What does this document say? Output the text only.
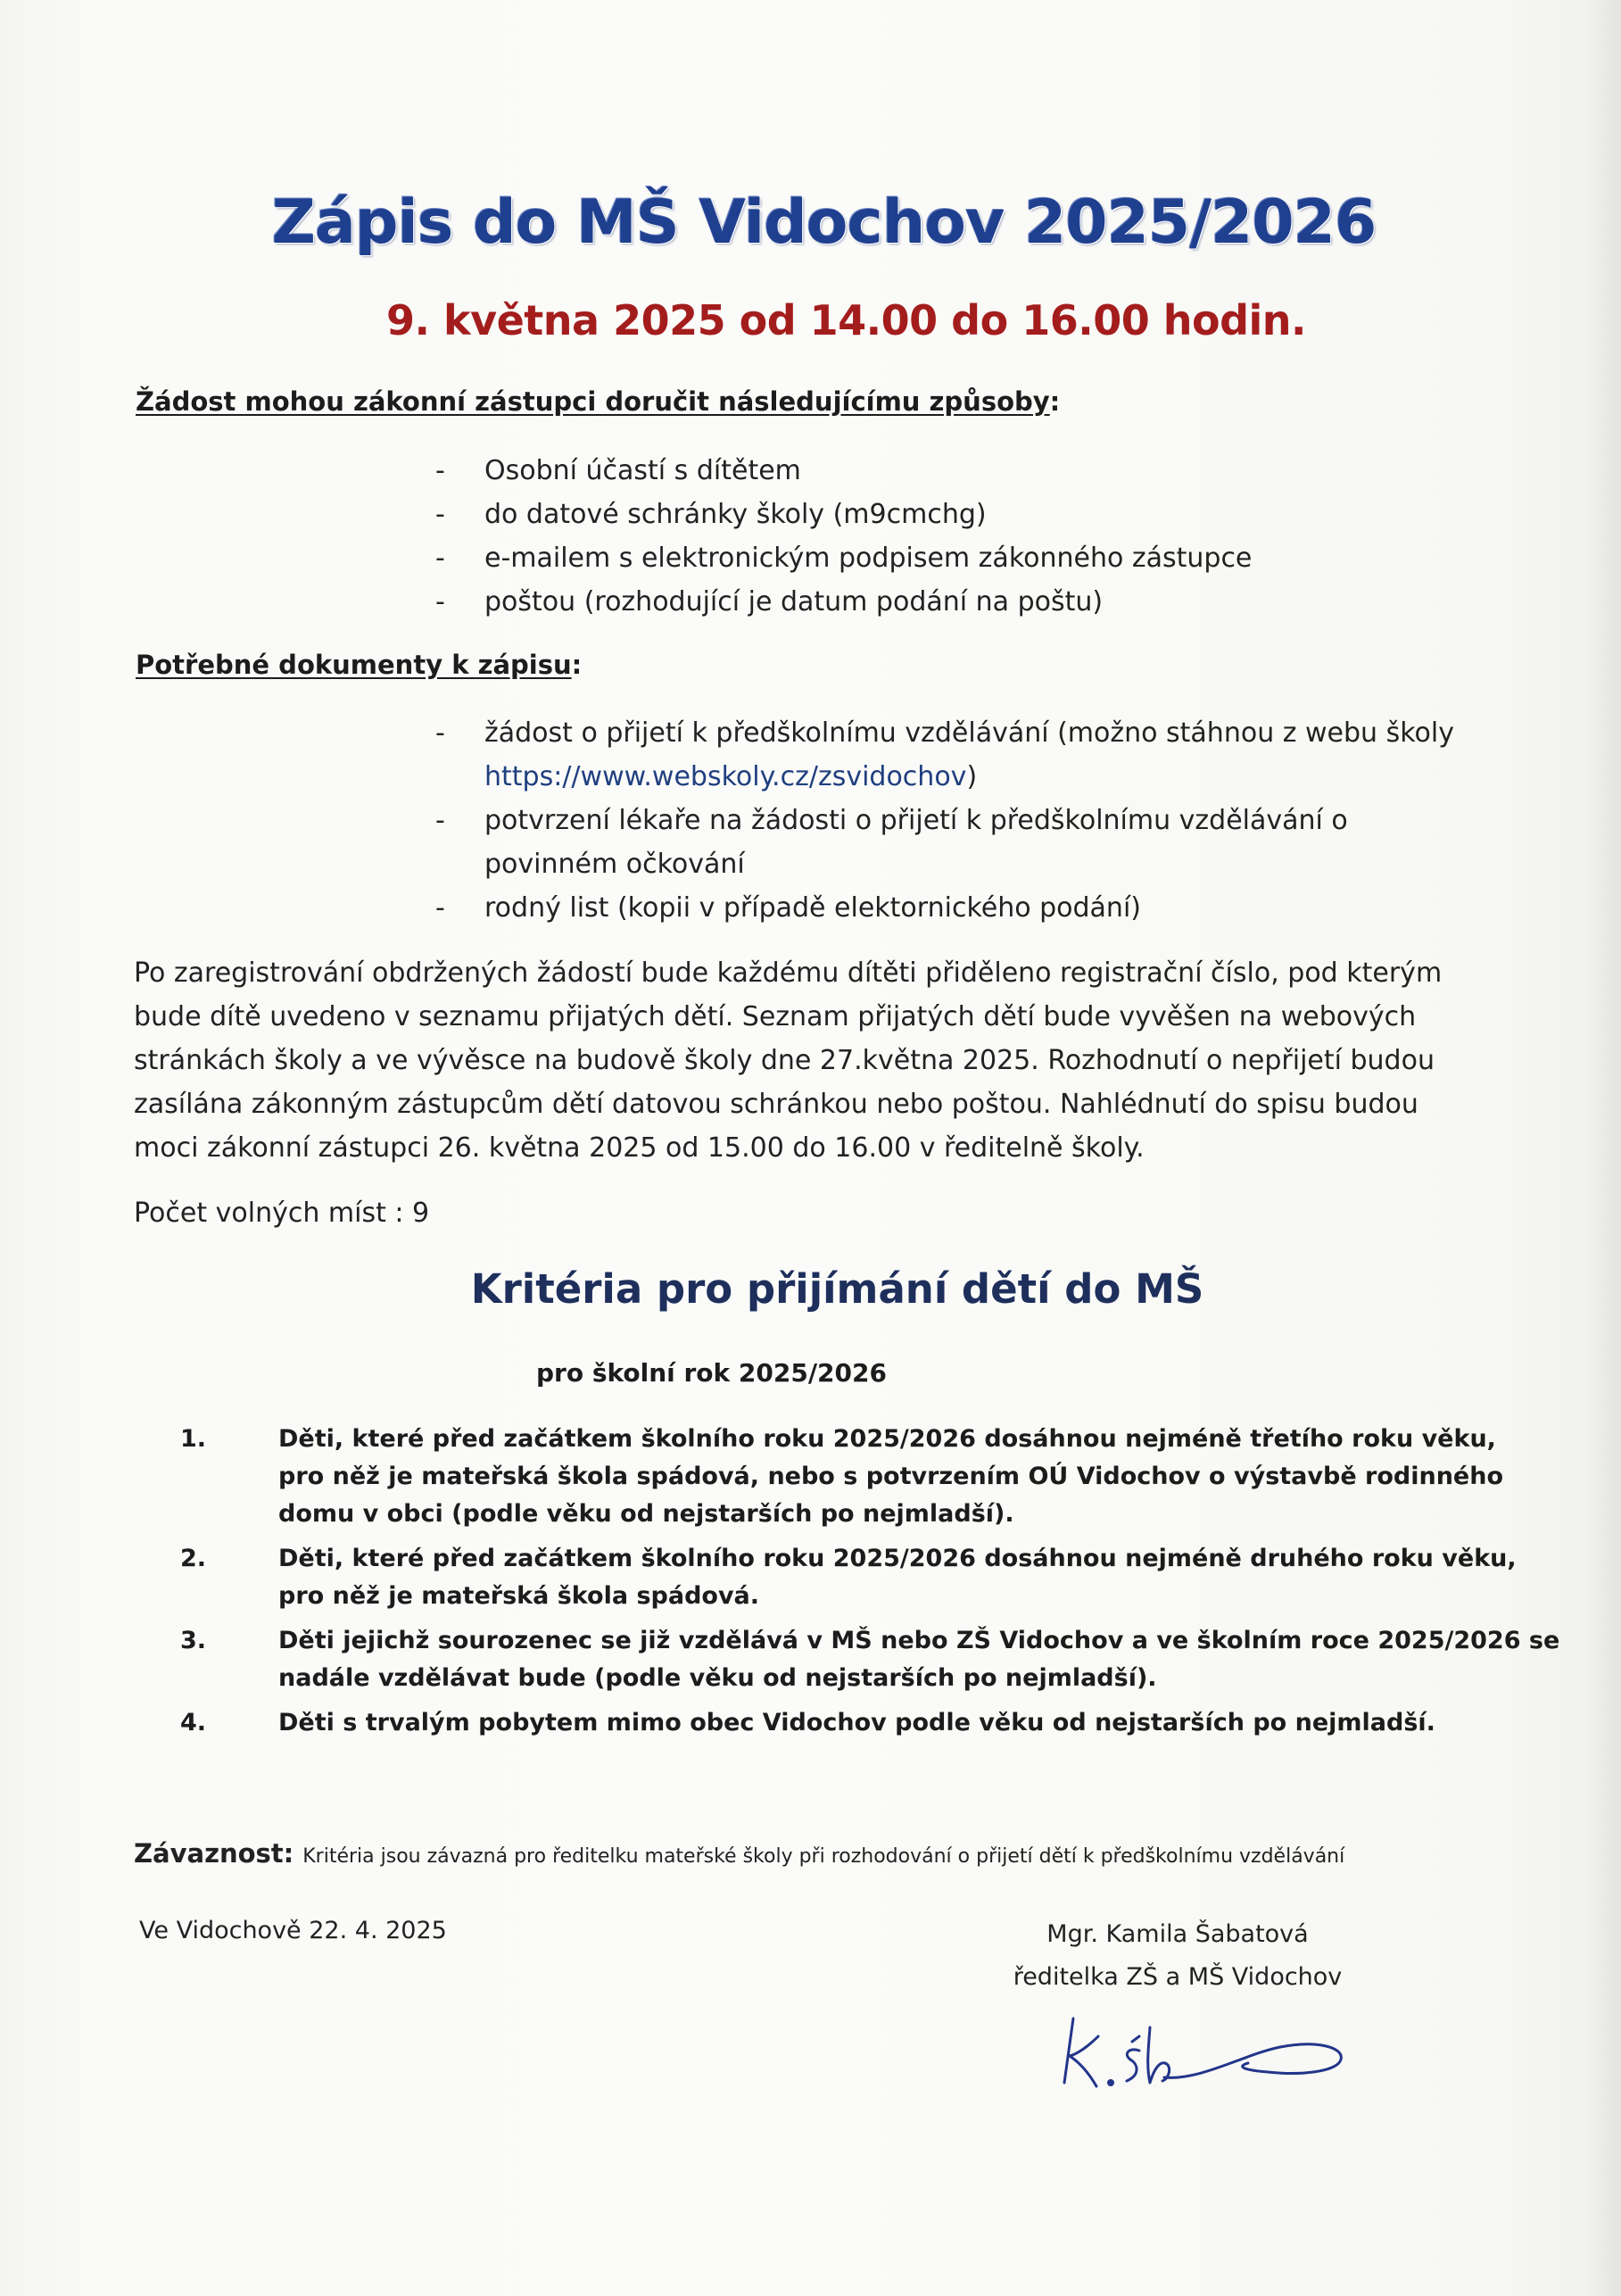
Zápis do MŠ Vidochov 2025/2026
9. května 2025 od 14.00 do 16.00 hodin.
Žádost mohou zákonní zástupci doručit následujícímu způsoby:
- Osobní účastí s dítětem
- do datové schránky školy (m9cmchg)
- e-mailem s elektronickým podpisem zákonného zástupce
- poštou (rozhodující je datum podání na poštu)
Potřebné dokumenty k zápisu:
- žádost o přijetí k předškolnímu vzdělávání (možno stáhnou z webu školy
https://www.webskoly.cz/zsvidochov)
- potvrzení lékaře na žádosti o přijetí k předškolnímu vzdělávání o
povinném očkování
- rodný list (kopii v případě elektornického podání)
Po zaregistrování obdržených žádostí bude každému dítěti přiděleno registrační číslo, pod kterým
bude dítě uvedeno v seznamu přijatých dětí. Seznam přijatých dětí bude vyvěšen na webových
stránkách školy a ve vývěsce na budově školy dne 27.května 2025. Rozhodnutí o nepřijetí budou
zasílána zákonným zástupcům dětí datovou schránkou nebo poštou. Nahlédnutí do spisu budou
moci zákonní zástupci 26. května 2025 od 15.00 do 16.00 v ředitelně školy.
Počet volných míst : 9
Kritéria pro přijímání dětí do MŠ
pro školní rok 2025/2026
1.	Děti, které před začátkem školního roku 2025/2026 dosáhnou nejméně třetího roku věku,
pro něž je mateřská škola spádová, nebo s potvrzením OÚ Vidochov o výstavbě rodinného
domu v obci (podle věku od nejstarších po nejmladší).
2.	Děti, které před začátkem školního roku 2025/2026 dosáhnou nejméně druhého roku věku,
pro něž je mateřská škola spádová.
3.	Děti jejichž sourozenec se již vzdělává v MŠ nebo ZŠ Vidochov a ve školním roce 2025/2026 se
nadále vzdělávat bude (podle věku od nejstarších po nejmladší).
4.	Děti s trvalým pobytem mimo obec Vidochov podle věku od nejstarších po nejmladší.
Závaznost: Kritéria jsou závazná pro ředitelku mateřské školy při rozhodování o přijetí dětí k předškolnímu vzdělávání
Ve Vidochově 22. 4. 2025	Mgr. Kamila Šabatová
ředitelka ZŠ a MŠ Vidochov
